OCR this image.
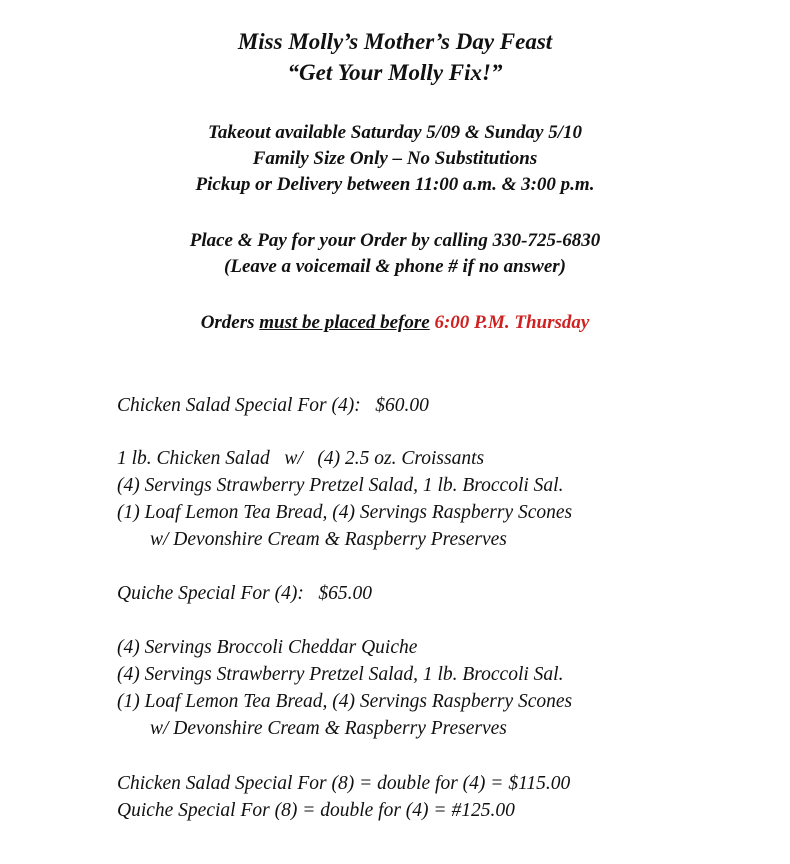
Miss Molly’s Mother’s Day Feast
“Get Your Molly Fix!”
Takeout available Saturday 5/09 & Sunday 5/10
Family Size Only – No Substitutions
Pickup or Delivery between 11:00 a.m. & 3:00 p.m.
Place & Pay for your Order by calling 330-725-6830
(Leave a voicemail & phone # if no answer)
Orders must be placed before 6:00 P.M. Thursday
Chicken Salad Special For (4):   $60.00
1 lb. Chicken Salad   w/   (4) 2.5 oz. Croissants
(4) Servings Strawberry Pretzel Salad, 1 lb. Broccoli Sal.
(1) Loaf Lemon Tea Bread, (4) Servings Raspberry Scones
w/ Devonshire Cream & Raspberry Preserves
Quiche Special For (4):   $65.00
(4) Servings Broccoli Cheddar Quiche
(4) Servings Strawberry Pretzel Salad, 1 lb. Broccoli Sal.
(1) Loaf Lemon Tea Bread, (4) Servings Raspberry Scones
w/ Devonshire Cream & Raspberry Preserves
Chicken Salad Special For (8) = double for (4) = $115.00
Quiche Special For (8) = double for (4) = #125.00
